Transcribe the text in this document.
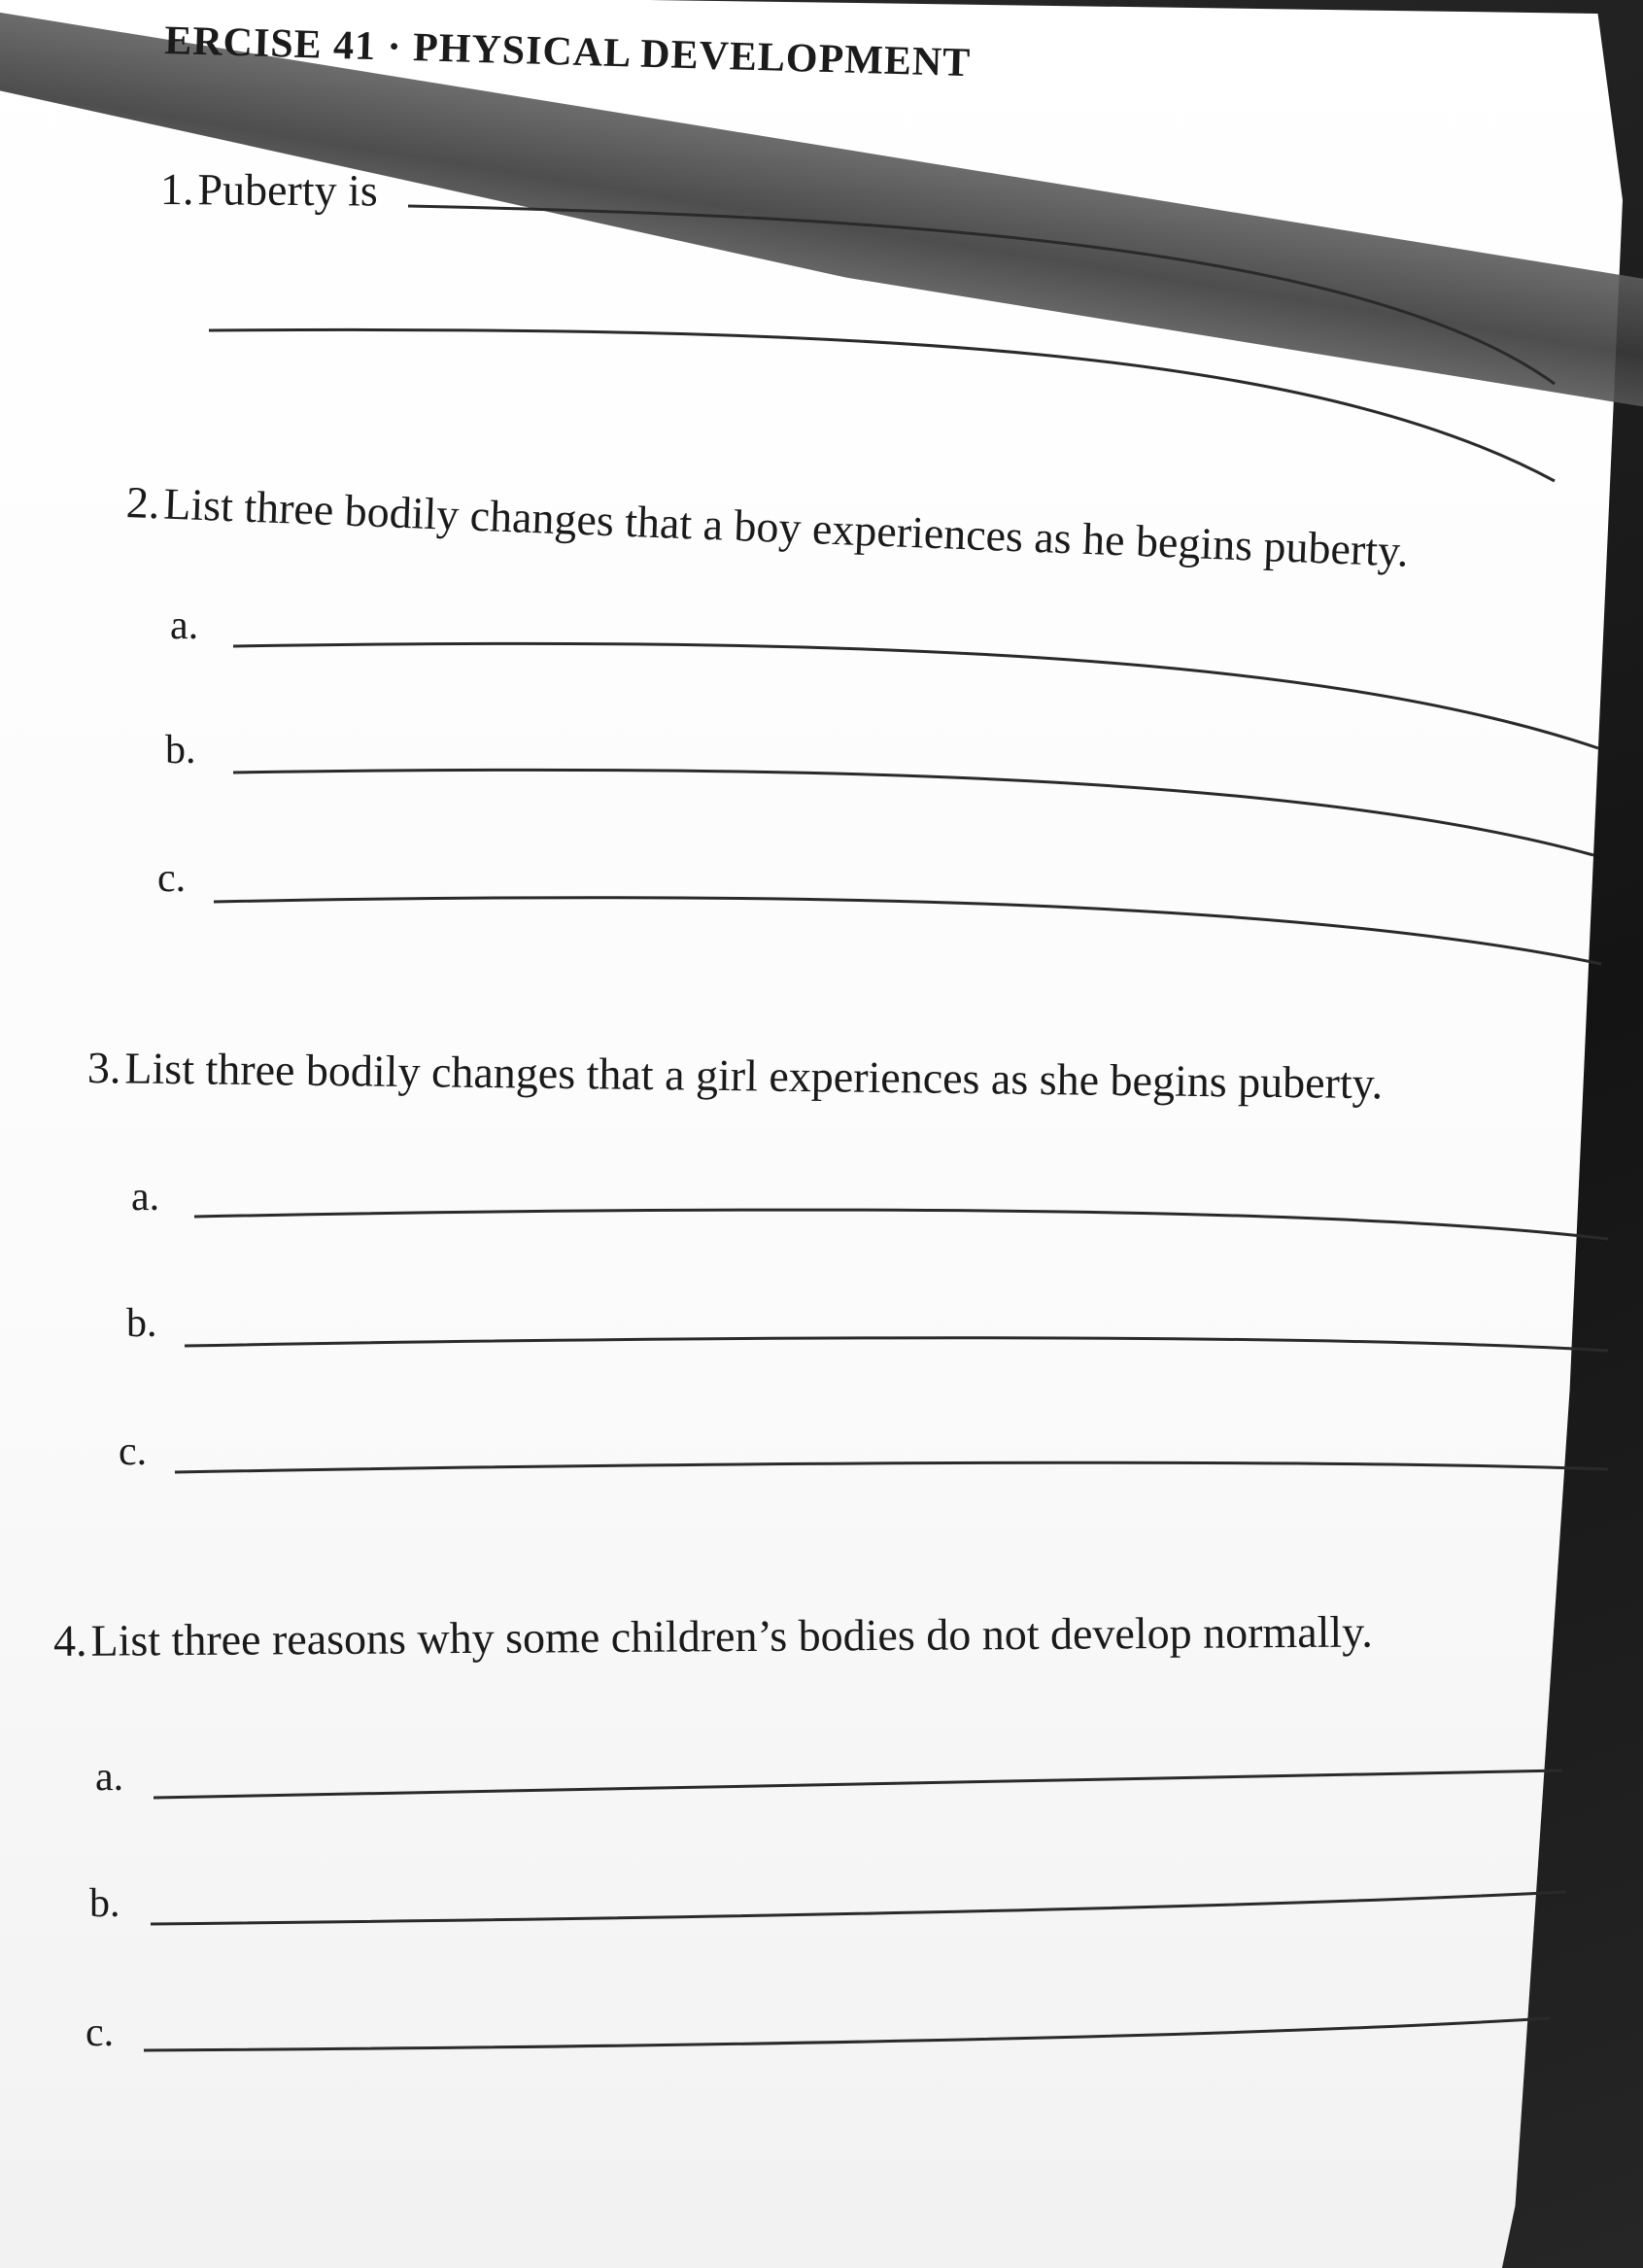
ERCISE 41 · PHYSICAL DEVELOPMENT
1. Puberty is
2. List three bodily changes that a boy experiences as he begins puberty.
a.
b.
c.
3. List three bodily changes that a girl experiences as she begins puberty.
a.
b.
c.
4. List three reasons why some children’s bodies do not develop normally.
a.
b.
c.
